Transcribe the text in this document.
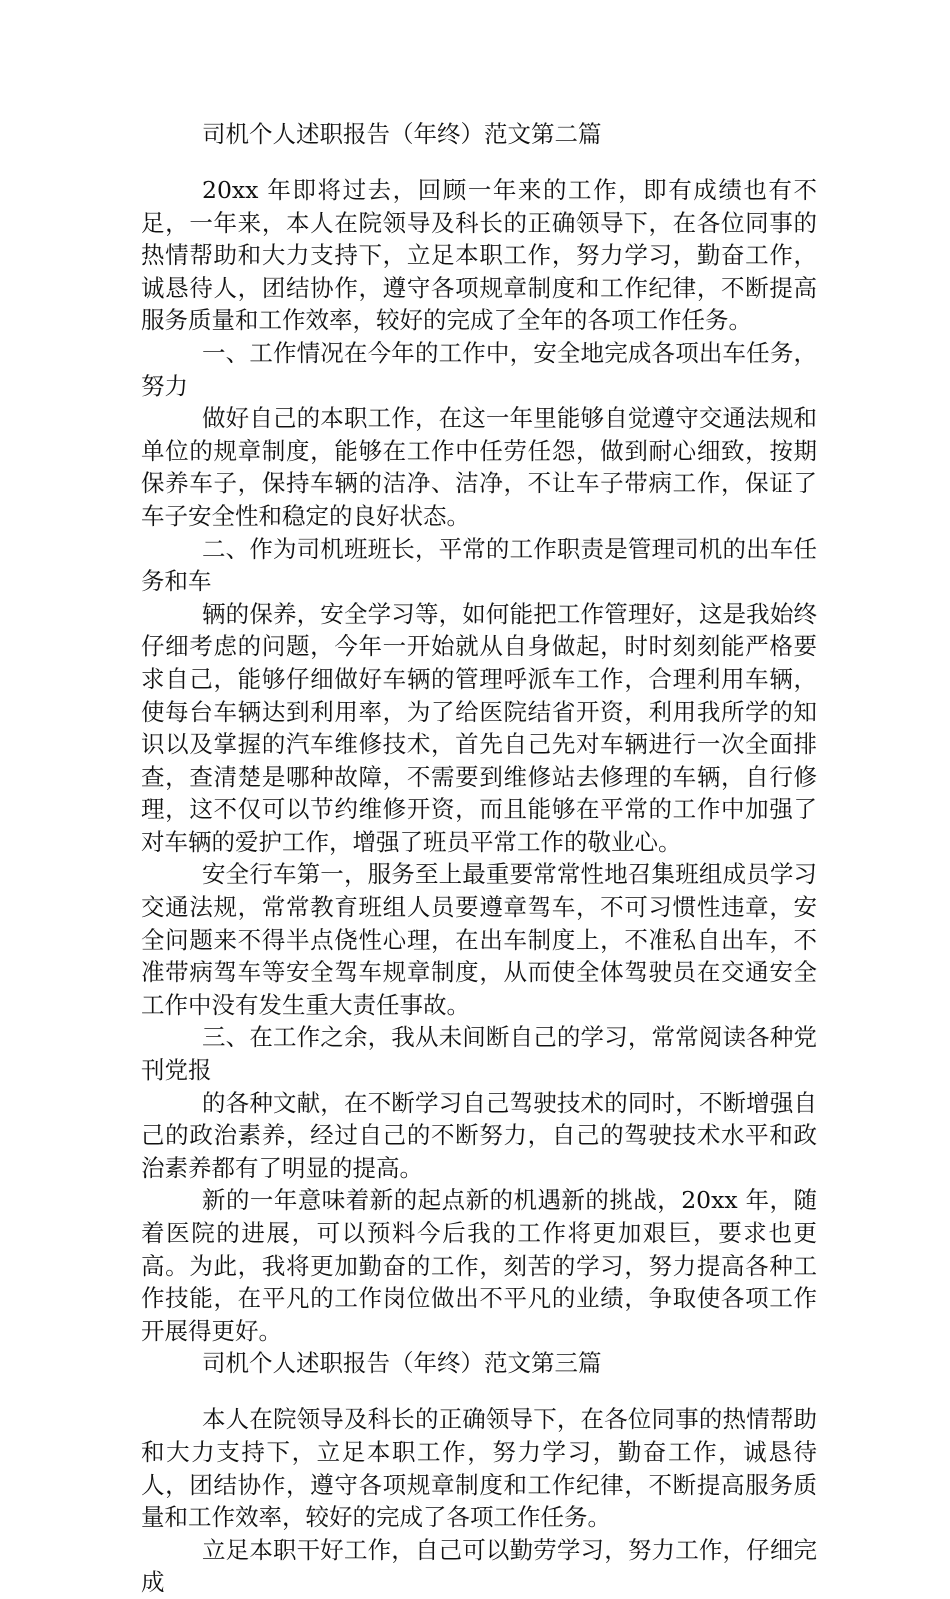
司机个人述职报告（年终）范文第二篇

20xx 年即将过去，回顾一年来的工作，即有成绩也有不足，一年来，本人在院领导及科长的正确领导下，在各位同事的热情帮助和大力支持下，立足本职工作，努力学习，勤奋工作，诚恳待人，团结协作，遵守各项规章制度和工作纪律，不断提高服务质量和工作效率，较好的完成了全年的各项工作任务。

一、工作情况在今年的工作中，安全地完成各项出车任务，努力

做好自己的本职工作，在这一年里能够自觉遵守交通法规和单位的规章制度，能够在工作中任劳任怨，做到耐心细致，按期保养车子，保持车辆的洁净、洁净，不让车子带病工作，保证了车子安全性和稳定的良好状态。

二、作为司机班班长，平常的工作职责是管理司机的出车任务和车

辆的保养，安全学习等，如何能把工作管理好，这是我始终仔细考虑的问题，今年一开始就从自身做起，时时刻刻能严格要求自己，能够仔细做好车辆的管理呼派车工作，合理利用车辆，使每台车辆达到利用率，为了给医院结省开资，利用我所学的知识以及掌握的汽车维修技术，首先自己先对车辆进行一次全面排查，查清楚是哪种故障，不需要到维修站去修理的车辆，自行修理，这不仅可以节约维修开资，而且能够在平常的工作中加强了对车辆的爱护工作，增强了班员平常工作的敬业心。

安全行车第一，服务至上最重要常常性地召集班组成员学习交通法规，常常教育班组人员要遵章驾车，不可习惯性违章，安全问题来不得半点侥性心理，在出车制度上，不准私自出车，不准带病驾车等安全驾车规章制度，从而使全体驾驶员在交通安全工作中没有发生重大责任事故。

三、在工作之余，我从未间断自己的学习，常常阅读各种党刊党报

的各种文献，在不断学习自己驾驶技术的同时，不断增强自己的政治素养，经过自己的不断努力，自己的驾驶技术水平和政治素养都有了明显的提高。

新的一年意味着新的起点新的机遇新的挑战，20xx 年，随着医院的进展，可以预料今后我的工作将更加艰巨，要求也更高。为此，我将更加勤奋的工作，刻苦的学习，努力提高各种工作技能，在平凡的工作岗位做出不平凡的业绩，争取使各项工作开展得更好。

司机个人述职报告（年终）范文第三篇

本人在院领导及科长的正确领导下，在各位同事的热情帮助和大力支持下，立足本职工作，努力学习，勤奋工作，诚恳待人，团结协作，遵守各项规章制度和工作纪律，不断提高服务质量和工作效率，较好的完成了各项工作任务。

立足本职干好工作，自己可以勤劳学习，努力工作，仔细完成
